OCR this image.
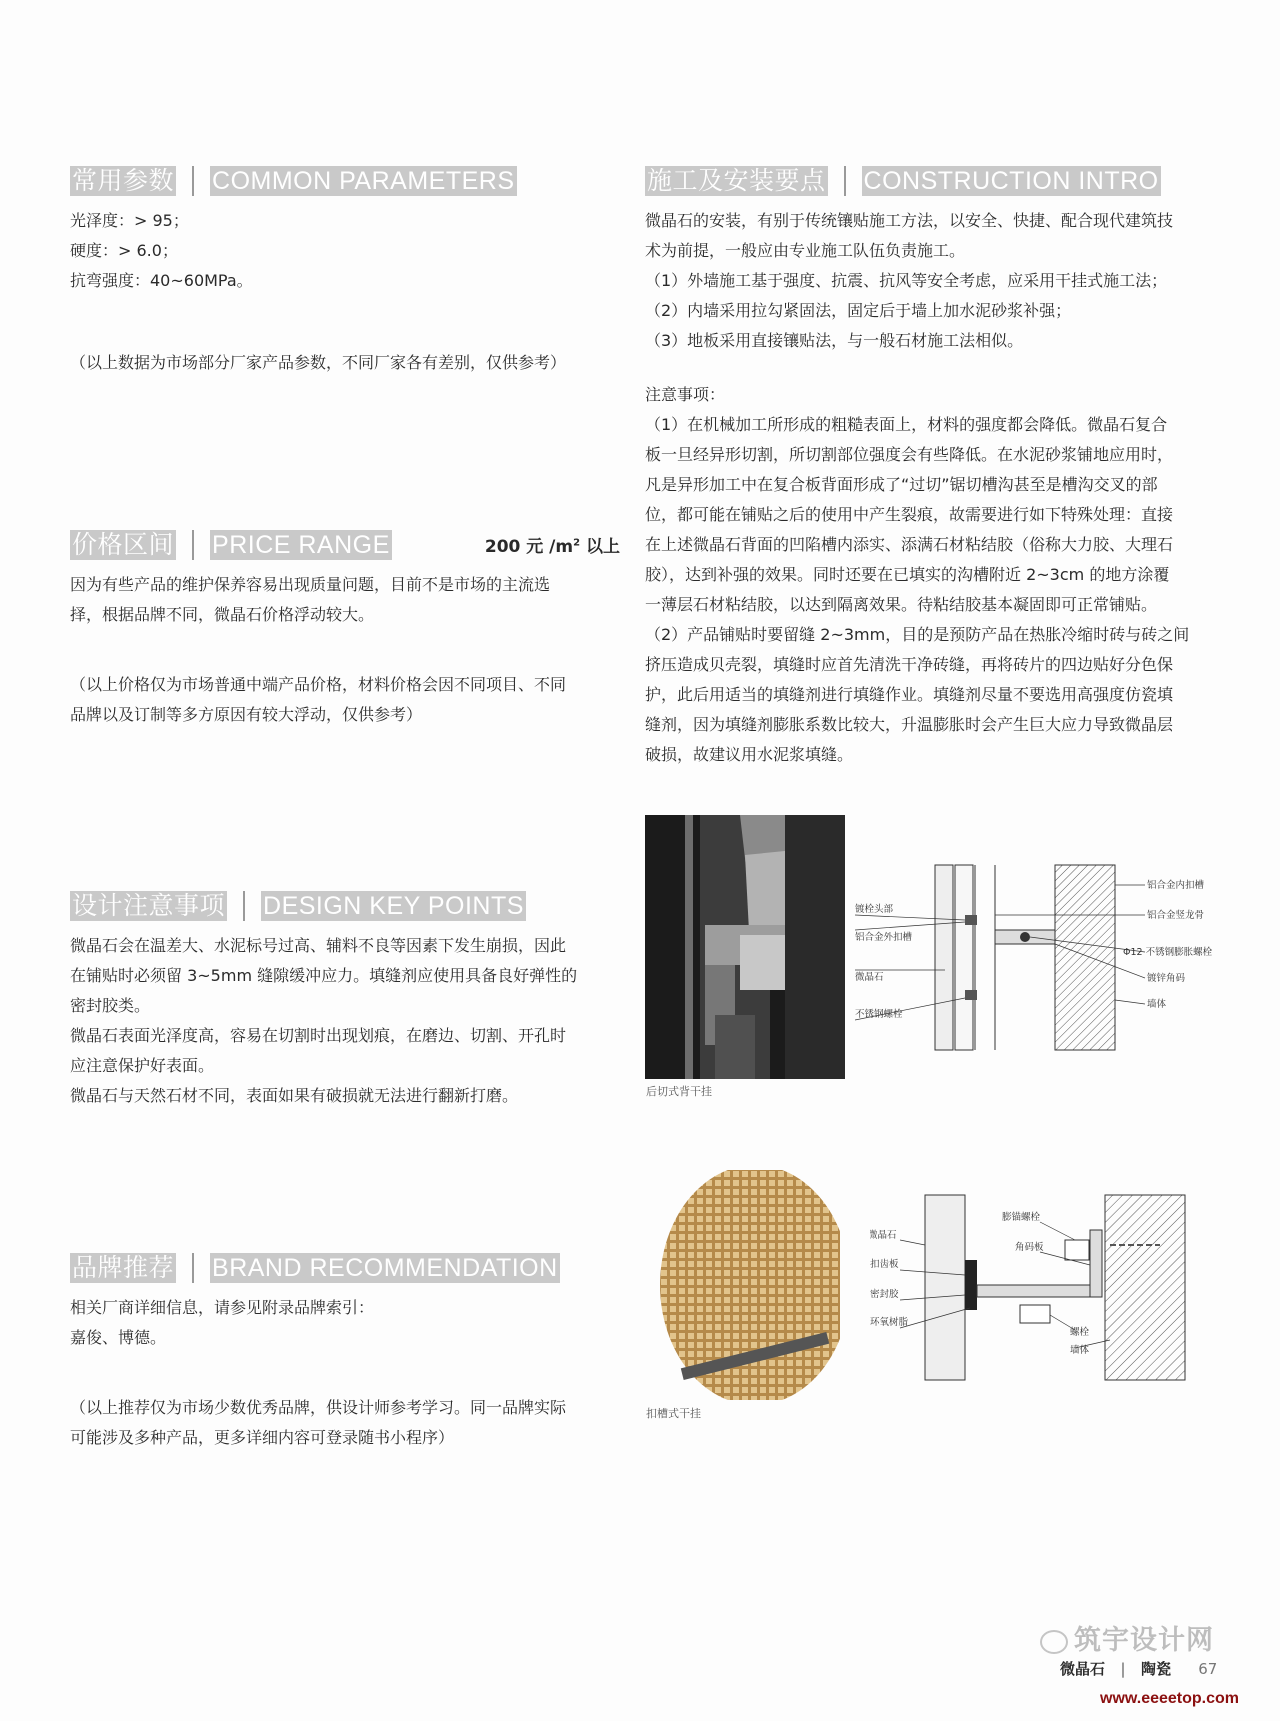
常用参数 COMMON PARAMETERS

光泽度：> 95；

硬度：> 6.0；

抗弯强度：40~60MPa。

（以上数据为市场部分厂家产品参数，不同厂家各有差别，仅供参考）

价格区间 PRICE RANGE	200 元 $/m^2$ 以上

因为有些产品的维护保养容易出现质量问题，目前不是市场的主流选

择，根据品牌不同，微晶石价格浮动较大。

（以上价格仅为市场普通中端产品价格，材料价格会因不同项目、不同

品牌以及订制等多方原因有较大浮动，仅供参考）

设计注意事项 DESIGN KEY POINTS

微晶石会在温差大、水泥标号过高、辅料不良等因素下发生崩损，因此

在铺贴时必须留 3~5mm 缝隙缓冲应力。填缝剂应使用具备良好弹性的

密封胶类。

微晶石表面光泽度高，容易在切割时出现划痕，在磨边、切割、开孔时

应注意保护好表面。

微晶石与天然石材不同，表面如果有破损就无法进行翻新打磨。

品牌推荐 BRAND RECOMMENDATION

相关厂商详细信息，请参见附录品牌索引：

嘉俊、博德。

（以上推荐仅为市场少数优秀品牌，供设计师参考学习。同一品牌实际

可能涉及多种产品，更多详细内容可登录随书小程序）

施工及安装要点 CONSTRUCTION INTRO

微晶石的安装，有别于传统镶贴施工方法，以安全、快捷、配合现代建筑技

术为前提，一般应由专业施工队伍负责施工。

（1）外墙施工基于强度、抗震、抗风等安全考虑，应采用干挂式施工法；

（2）内墙采用拉勾紧固法，固定后于墙上加水泥砂浆补强；

（3）地板采用直接镶贴法，与一般石材施工法相似。

注意事项：

（1）在机械加工所形成的粗糙表面上，材料的强度都会降低。微晶石复合

板一旦经异形切割，所切割部位强度会有些降低。在水泥砂浆铺地应用时，

凡是异形加工中在复合板背面形成了“过切”锯切槽沟甚至是槽沟交叉的部

位，都可能在铺贴之后的使用中产生裂痕，故需要进行如下特殊处理：直接

在上述微晶石背面的凹陷槽内添实、添满石材粘结胶（俗称大力胶、大理石

胶），达到补强的效果。同时还要在已填实的沟槽附近 2~3cm 的地方涂覆

一薄层石材粘结胶，以达到隔离效果。待粘结胶基本凝固即可正常铺贴。

（2）产品铺贴时要留缝 2~3mm，目的是预防产品在热胀冷缩时砖与砖之间

挤压造成贝壳裂，填缝时应首先清洗干净砖缝，再将砖片的四边贴好分色保

护，此后用适当的填缝剂进行填缝作业。填缝剂尽量不要选用高强度仿瓷填

缝剂，因为填缝剂膨胀系数比较大，升温膨胀时会产生巨大应力导致微晶层

破损，故建议用水泥浆填缝。

后切式背干挂
镀栓头部
铝合金外扣槽
微晶石
不锈钢螺栓
铝合金内扣槽
铝合金竖龙骨
Φ12 不锈钢膨胀螺栓
镀锌角码
墙体
扣槽式干挂
微晶石
扣齿板
密封胶
环氧树脂
膨锚螺栓
角码板
螺栓
墙体
微晶石 | 陶瓷 67
筑宇设计网
www.eeeetop.com
